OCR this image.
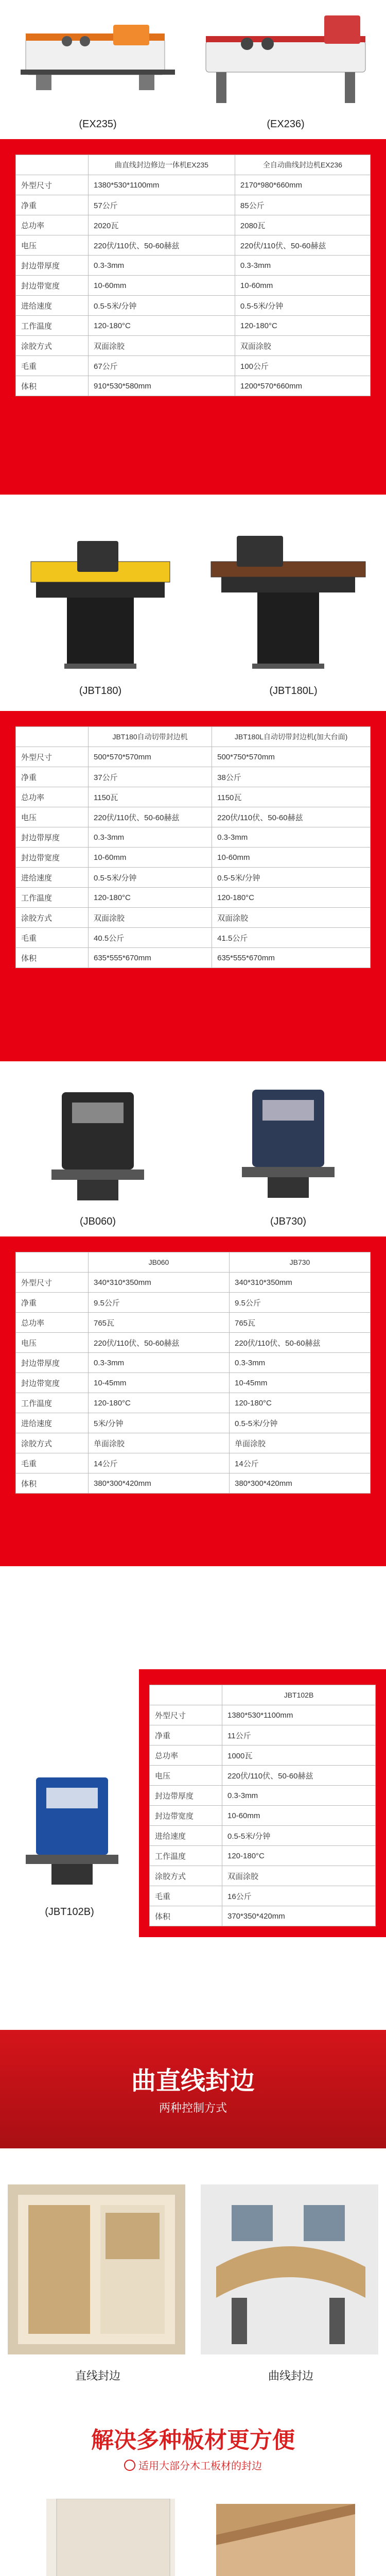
(EX235)	(EX236)
	曲直线封边修边一体机EX235	全自动曲线封边机EX236
外型尺寸	1380*530*1100mm	2170*980*660mm
净重	57公斤	85公斤
总功率	2020瓦	2080瓦
电压	220伏/110伏、50-60赫兹	220伏/110伏、50-60赫兹
封边带厚度	0.3-3mm	0.3-3mm
封边带宽度	10-60mm	10-60mm
进给速度	0.5-5米/分钟	0.5-5米/分钟
工作温度	120-180°C	120-180°C
涂胶方式	双面涂胶	双面涂胶
毛重	67公斤	100公斤
体积	910*530*580mm	1200*570*660mm
(JBT180)	(JBT180L)
	JBT180自动切带封边机	JBT180L自动切带封边机(加大台面)
外型尺寸	500*570*570mm	500*750*570mm
净重	37公斤	38公斤
总功率	1150瓦	1150瓦
电压	220伏/110伏、50-60赫兹	220伏/110伏、50-60赫兹
封边带厚度	0.3-3mm	0.3-3mm
封边带宽度	10-60mm	10-60mm
进给速度	0.5-5米/分钟	0.5-5米/分钟
工作温度	120-180°C	120-180°C
涂胶方式	双面涂胶	双面涂胶
毛重	40.5公斤	41.5公斤
体积	635*555*670mm	635*555*670mm
(JB060)	(JB730)
	JB060	JB730
外型尺寸	340*310*350mm	340*310*350mm
净重	9.5公斤	9.5公斤
总功率	765瓦	765瓦
电压	220伏/110伏、50-60赫兹	220伏/110伏、50-60赫兹
封边带厚度	0.3-3mm	0.3-3mm
封边带宽度	10-45mm	10-45mm
工作温度	120-180°C	120-180°C
进给速度	5米/分钟	0.5-5米/分钟
涂胶方式	单面涂胶	单面涂胶
毛重	14公斤	14公斤
体积	380*300*420mm	380*300*420mm
	JBT102B
外型尺寸	1380*530*1100mm
净重	11公斤
总功率	1000瓦
电压	220伏/110伏、50-60赫兹
封边带厚度	0.3-3mm
封边带宽度	10-60mm
进给速度	0.5-5米/分钟
工作温度	120-180°C
涂胶方式	双面涂胶
毛重	16公斤
体积	370*350*420mm
(JBT102B)
曲直线封边
两种控制方式
直线封边	曲线封边
解决多种板材更方便
适用大部分木工板材的封边
